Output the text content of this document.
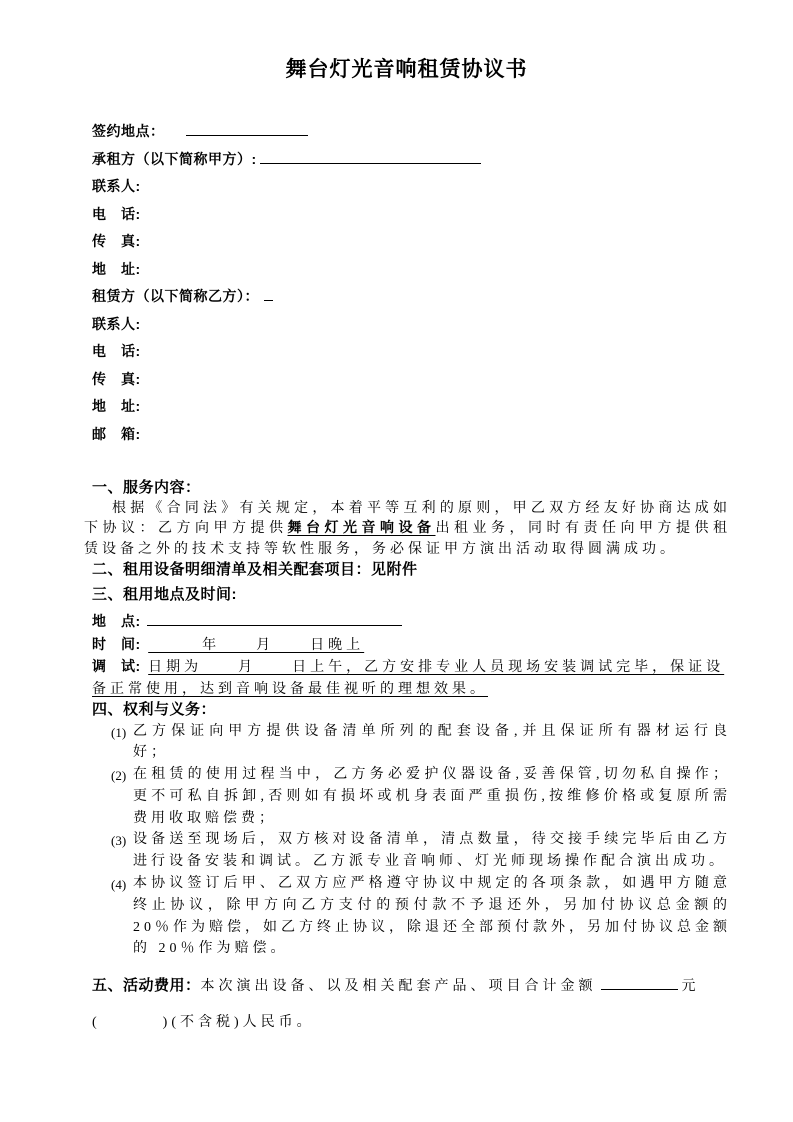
舞台灯光音响租赁协议书
签约地点：
承租方（以下简称甲方）:
联系人:
电　话:
传　真:
地　址:
租赁方（以下简称乙方）：
联系人:
电　话:
传　真:
地　址:
邮　箱:

一、服务内容：

根据《合同法》有关规定，本着平等互利的原则，甲乙双方经友好协商达成如下协议：乙方向甲方提供舞台灯光音响设备出租业务，同时有责任向甲方提供租赁设备之外的技术支持等软性服务，务必保证甲方演出活动取得圆满成功。

二、租用设备明细清单及相关配套项目：见附件

三、租用地点及时间:

地　点:

时　间: 　　　年　　月　　日晚上

调　试: 日期为　　月　　日上午，乙方安排专业人员现场安装调试完毕，保证设备正常使用，达到音响设备最佳视听的理想效果。

四、权利与义务：

(1) 乙方保证向甲方提供设备清单所列的配套设备,并且保证所有器材运行良好；
(2) 在租赁的使用过程当中，乙方务必爱护仪器设备,妥善保管,切勿私自操作；更不可私自拆卸,否则如有损坏或机身表面严重损伤,按维修价格或复原所需费用收取赔偿费；
(3) 设备送至现场后，双方核对设备清单，清点数量，待交接手续完毕后由乙方进行设备安装和调试。乙方派专业音响师、灯光师现场操作配合演出成功。
(4) 本协议签订后甲、乙双方应严格遵守协议中规定的各项条款，如遇甲方随意终止协议，除甲方向乙方支付的预付款不予退还外，另加付协议总金额的 20％作为赔偿，如乙方终止协议，除退还全部预付款外，另加付协议总金额的 20％作为赔偿。
五、活动费用：本次演出设备、以及相关配套产品、项目合计金额	元
(	)(不含税)人民币。
